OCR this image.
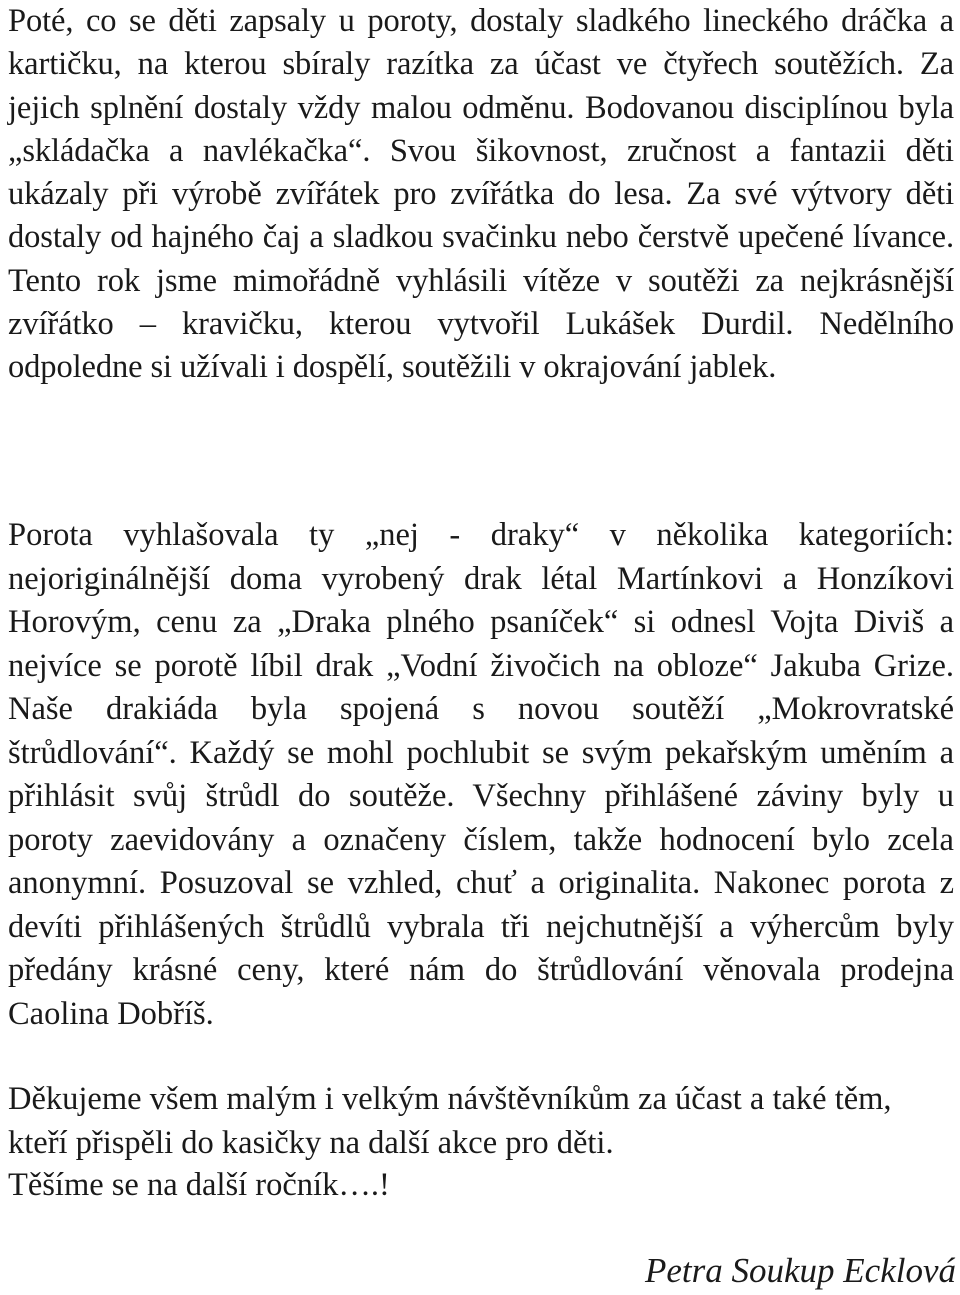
Poté, co se děti zapsaly u poroty, dostaly sladkého lineckého dráčka a kartičku, na kterou sbíraly razítka za účast ve čtyřech soutěžích. Za jejich splnění dostaly vždy malou odměnu. Bodovanou disciplínou byla „skládačka a navlékačka“. Svou šikovnost, zručnost a fantazii děti ukázaly při výrobě zvířátek pro zvířátka do lesa. Za své výtvory děti dostaly od hajného čaj a sladkou svačinku nebo čerstvě upečené lívance. Tento rok jsme mimořádně vyhlásili vítěze v soutěži za nejkrásnější zvířátko – kravičku, kterou vytvořil Lukášek Durdil. Nedělního odpoledne si užívali i dospělí, soutěžili v okrajování jablek.

Porota vyhlašovala ty „nej - draky“ v několika kategoriích: nejoriginálnější doma vyrobený drak létal Martínkovi a Honzíkovi Horovým, cenu za „Draka plného psaníček“ si odnesl Vojta Diviš a nejvíce se porotě líbil drak „Vodní živočich na obloze“ Jakuba Grize. Naše drakiáda byla spojená s novou soutěží „Mokrovratské štrůdlování“. Každý se mohl pochlubit se svým pekařským uměním a přihlásit svůj štrůdl do soutěže. Všechny přihlášené záviny byly u poroty zaevidovány a označeny číslem, takže hodnocení bylo zcela anonymní. Posuzoval se vzhled, chuť a originalita. Nakonec porota z devíti přihlášených štrůdlů vybrala tři nejchutnější a výhercům byly předány krásné ceny, které nám do štrůdlování věnovala prodejna Caolina Dobříš.

Děkujeme všem malým i velkým návštěvníkům za účast a také těm, kteří přispěli do kasičky na další akce pro děti.

Těšíme se na další ročník….!

Petra Soukup Ecklová
